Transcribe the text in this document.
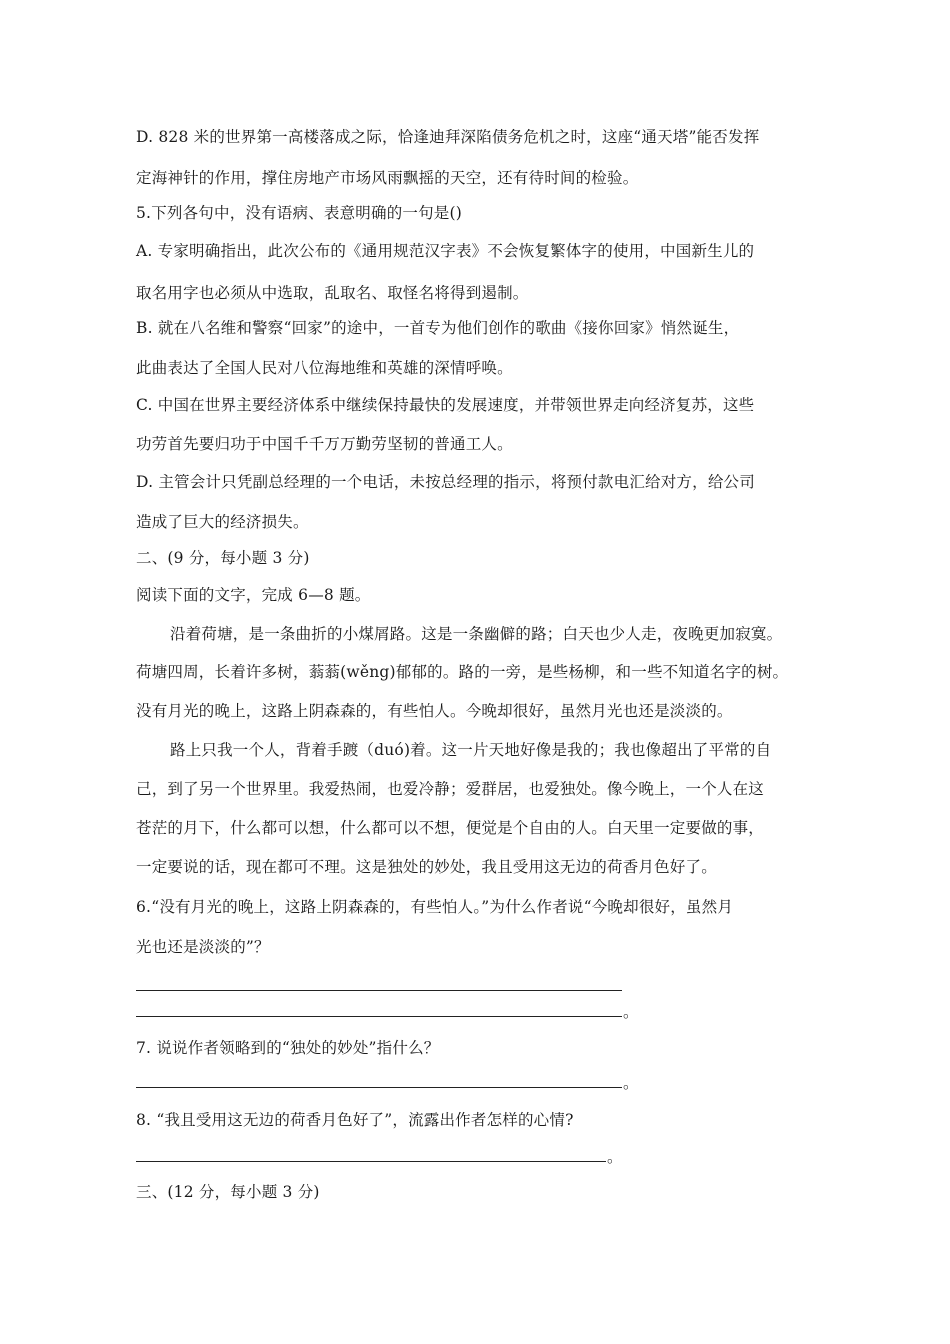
D. 828 米的世界第一高楼落成之际，恰逢迪拜深陷债务危机之时，这座“通天塔”能否发挥
定海神针的作用，撑住房地产市场风雨飘摇的天空，还有待时间的检验。
5.下列各句中，没有语病、表意明确的一句是()
A. 专家明确指出，此次公布的《通用规范汉字表》不会恢复繁体字的使用，中国新生儿的
取名用字也必须从中选取，乱取名、取怪名将得到遏制。
B. 就在八名维和警察“回家”的途中，一首专为他们创作的歌曲《接你回家》悄然诞生，
此曲表达了全国人民对八位海地维和英雄的深情呼唤。
C. 中国在世界主要经济体系中继续保持最快的发展速度，并带领世界走向经济复苏，这些
功劳首先要归功于中国千千万万勤劳坚韧的普通工人。
D. 主管会计只凭副总经理的一个电话，未按总经理的指示，将预付款电汇给对方，给公司
造成了巨大的经济损失。
二、(9 分，每小题 3 分)
阅读下面的文字，完成 6—8 题。
沿着荷塘，是一条曲折的小煤屑路。这是一条幽僻的路；白天也少人走，夜晚更加寂寞。
荷塘四周，长着许多树，蓊蓊(wěng)郁郁的。路的一旁，是些杨柳，和一些不知道名字的树。
没有月光的晚上，这路上阴森森的，有些怕人。今晚却很好，虽然月光也还是淡淡的。
路上只我一个人，背着手踱（duó)着。这一片天地好像是我的；我也像超出了平常的自
己，到了另一个世界里。我爱热闹，也爱冷静；爱群居，也爱独处。像今晚上，一个人在这
苍茫的月下，什么都可以想，什么都可以不想，便觉是个自由的人。白天里一定要做的事，
一定要说的话，现在都可不理。这是独处的妙处，我且受用这无边的荷香月色好了。
6.“没有月光的晚上，这路上阴森森的，有些怕人。”为什么作者说“今晚却很好，虽然月
光也还是淡淡的”？
。
7. 说说作者领略到的“独处的妙处”指什么？
。
8. “我且受用这无边的荷香月色好了”，流露出作者怎样的心情?
。
三、(12 分，每小题 3 分)
